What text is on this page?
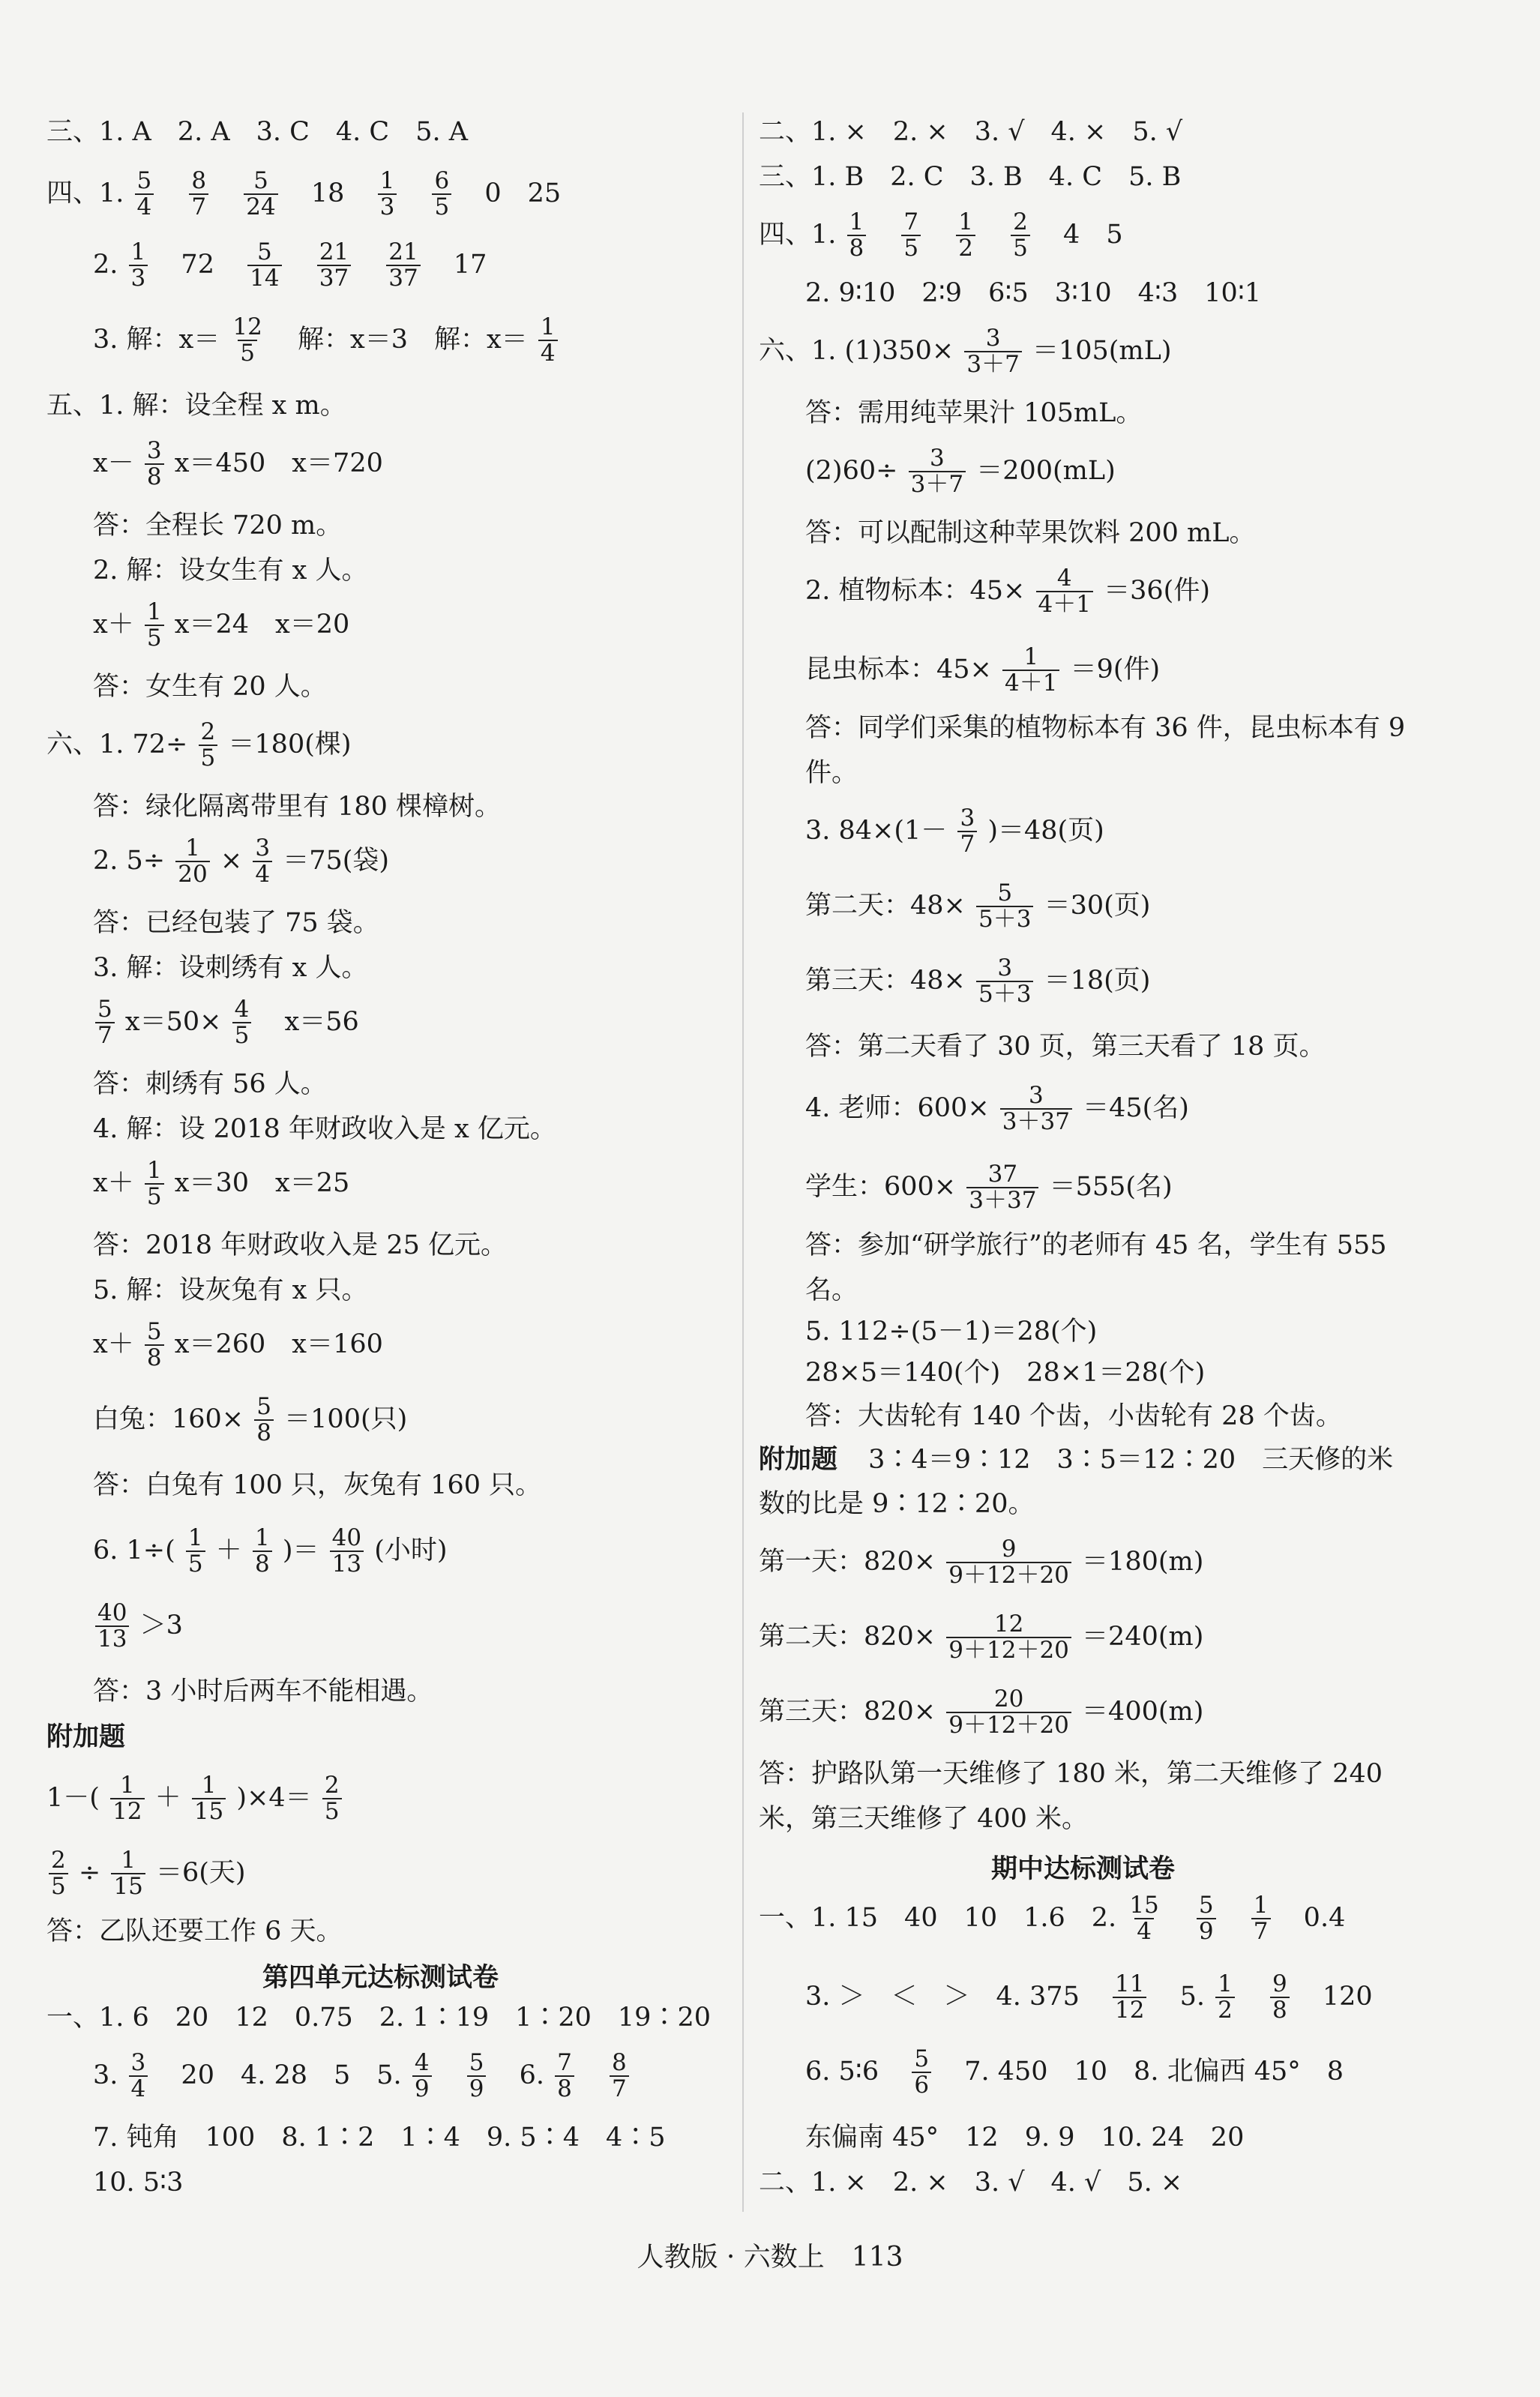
三、1. A　2. A　3. C　4. C　5. A
四、1. $\frac{5}{4}$
$\frac{8}{7}$
$\frac{5}{24} 18 \frac{1}{3}$
$\frac{6}{5} 0$　25
2. $\frac{1}{3} 72 \frac{5}{14}$
$\frac{21}{37}$
$\frac{21}{37} 17$
3. 解：$x= \frac{12}{5}$ 解：x＝3　解：$x= \frac{1}{4}$
五、1. 解：设全程 x m。
$x- \frac{3}{8} x=450$　x＝720
答：全程长 720 m。
2. 解：设女生有 x 人。
$x+ \frac{1}{5} x=24$　x＝20
答：女生有 20 人。
六、1. $72\div \frac{2}{5} =180$(棵)
答：绿化隔离带里有 180 棵樟树。
2. $5\div \frac{1}{20} \times \frac{3}{4} =75$(袋)
答：已经包装了 75 袋。
3. 解：设刺绣有 x 人。
$\frac{5}{7} x=50\times \frac{4}{5} x=56$
答：刺绣有 56 人。
4. 解：设 2018 年财政收入是 x 亿元。
$x+ \frac{1}{5} x=30$　x＝25
答：2018 年财政收入是 25 亿元。
5. 解：设灰兔有 x 只。
$x+ \frac{5}{8} x=260$　x＝160
白兔：$160\times \frac{5}{8} =100$(只)
答：白兔有 100 只，灰兔有 160 只。
6. $1\div( \frac{1}{5} + \frac{1}{8}$ )＝ $\frac{40}{13}$ (小时)
$\frac{40}{13} >3$
答：3 小时后两车不能相遇。
附加题
$1-( \frac{1}{12} + \frac{1}{15} )\times 4= \frac{2}{5}$
$\frac{2}{5} \div \frac{1}{15} =6$(天)
答：乙队还要工作 6 天。
第四单元达标测试卷
一、1. 6　20　12　0.75　2. 1∶19　1∶20　19∶20
3. $\frac{3}{4} 20$　4. 28　5　5. $\frac{4}{9}$
$\frac{5}{9} 6$. $\frac{7}{8}$
$\frac{8}{7}$
7. 钝角　100　8. 1∶2　1∶4　9. 5∶4　4∶5
10. 5∶3
二、1. ×　2. ×　3. √　4. ×　5. √
三、1. B　2. C　3. B　4. C　5. B
四、1. $\frac{1}{8}$
$\frac{7}{5}$
$\frac{1}{2}$
$\frac{2}{5} 4$　5
2. 9∶10　2∶9　6∶5　3∶10　4∶3　10∶1
六、1. $(1)350\times \frac{3}{3+7} =105(mL)$
答：需用纯苹果汁 105mL。
$(2)60\div \frac{3}{3+7} =200(mL)$
答：可以配制这种苹果饮料 200 mL。
2. 植物标本：$45\times \frac{4}{4+1} =36$(件)
昆虫标本：$45\times \frac{1}{4+1} =9$(件)
答：同学们采集的植物标本有 36 件，昆虫标本有 9
件。
3. $84\times(1- \frac{3}{7} )=48$(页)
第二天：$48\times \frac{5}{5+3} =30$(页)
第三天：$48\times \frac{3}{5+3} =18$(页)
答：第二天看了 30 页，第三天看了 18 页。
4. 老师：$600\times \frac{3}{3+37} =45$(名)
学生：$600\times \frac{37}{3+37} =555$(名)
答：参加“研学旅行”的老师有 45 名，学生有 555
名。
5. 112÷(5－1)＝28(个)
28×5＝140(个)　28×1＝28(个)
答：大齿轮有 140 个齿，小齿轮有 28 个齿。
附加题 3∶4＝9∶12　3∶5＝12∶20　三天修的米
数的比是 9∶12∶20。
第一天：$820\times \frac{9}{9+12+20} =180(m)$
第二天：$820\times \frac{12}{9+12+20} =240(m)$
第三天：$820\times \frac{20}{9+12+20} =400(m)$
答：护路队第一天维修了 180 米，第二天维修了 240
米，第三天维修了 400 米。
期中达标测试卷
一、1. 15　40　10　1.6　2. $\frac{15}{4}$
$\frac{5}{9}$
$\frac{1}{7} 0.4$
3. ＞　＜　＞　4. $375 \frac{11}{12} 5$. $\frac{1}{2}$
$\frac{9}{8} 120$
6. 5∶6 $\frac{5}{6} 7$. 450　10　8. 北偏西 45°　8
东偏南 45°　12　9. 9　10. 24　20
二、1. ×　2. ×　3. √　4. √　5. ×
人教版 · 六数上　113
